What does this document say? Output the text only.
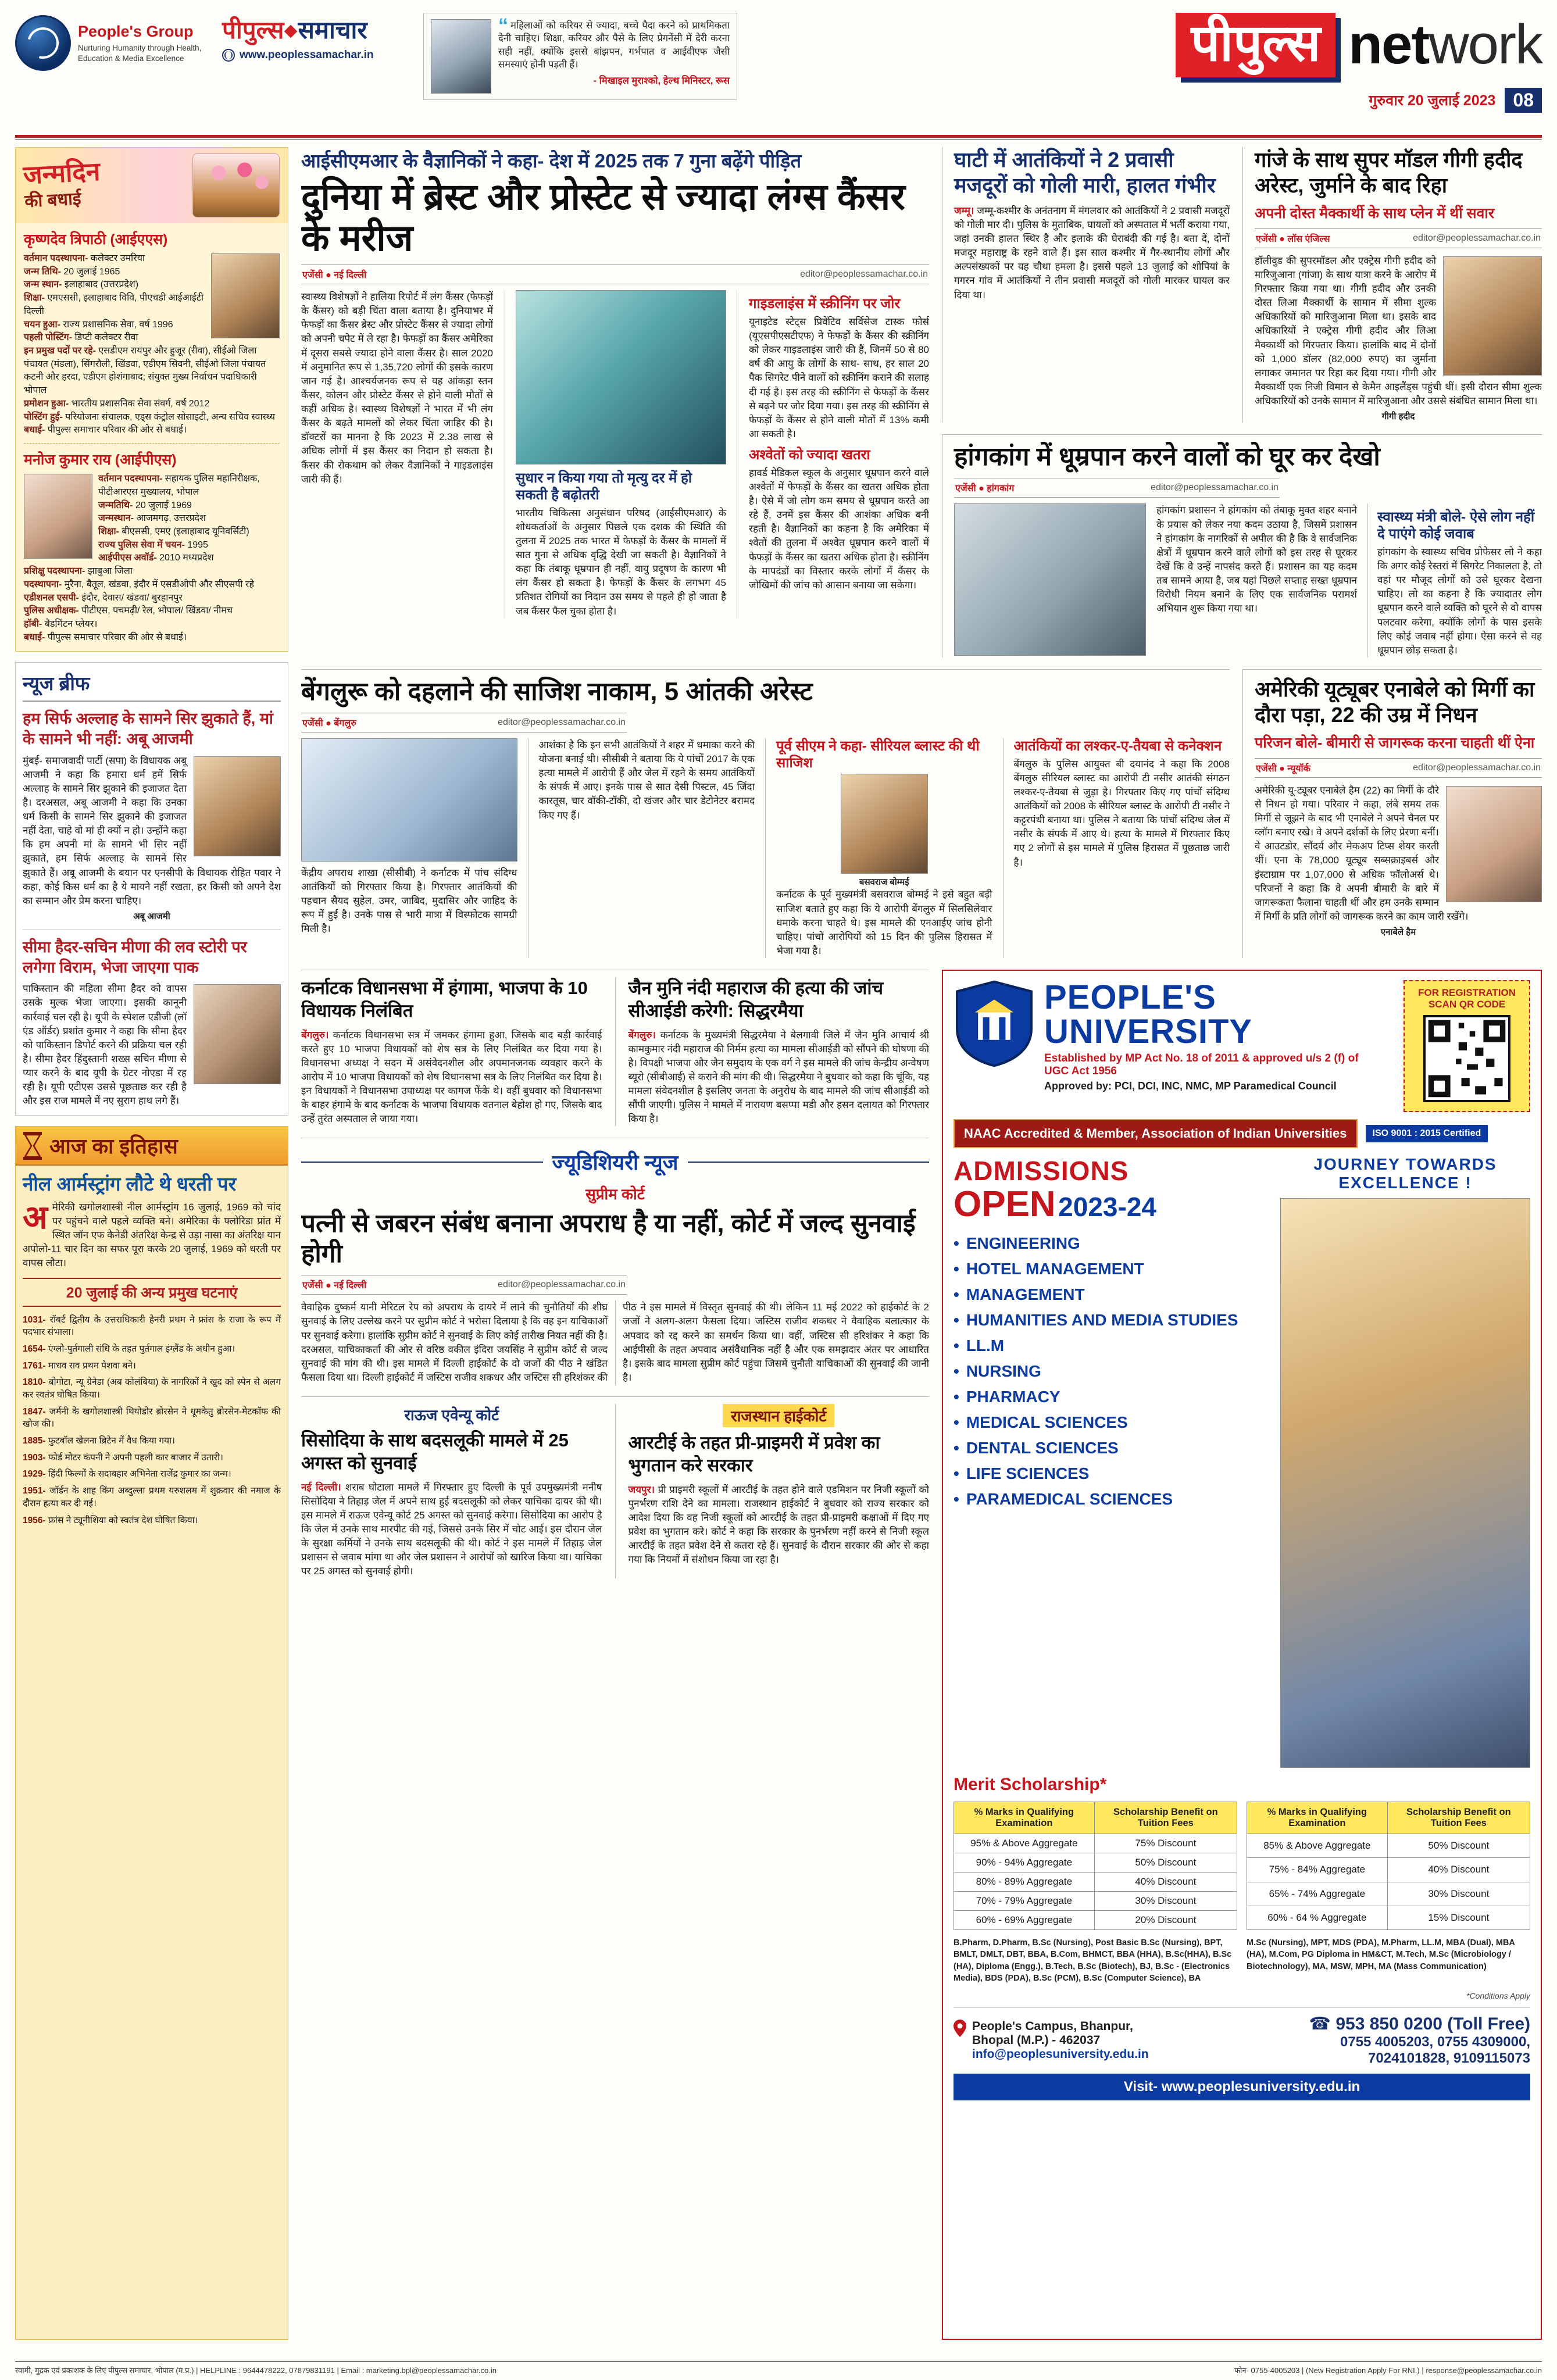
People's Group
Nurturing Humanity through Health, Education & Media Excellence
पीपुल्स समाचार
www.peoplessamachar.in
“ महिलाओं को करियर से ज्यादा, बच्चे पैदा करने को प्राथमिकता देनी चाहिए। शिक्षा, करियर और पैसे के लिए प्रेगनेंसी में देरी करना सही नहीं, क्योंकि इससे बांझपन, गर्भपात व आईवीएफ जैसी समस्याएं होनी पड़ती हैं।
- मिखाइल मुराश्को, हेल्थ मिनिस्टर, रूस
पीपुल्स network
गुरुवार 20 जुलाई 2023 08
जन्मदिन
की बधाई
कृष्णदेव त्रिपाठी (आईएएस)
वर्तमान पदस्थापना- कलेक्टर उमरिया
जन्म तिथि- 20 जुलाई 1965
जन्म स्थान- इलाहाबाद (उत्तरप्रदेश)
शिक्षा- एमएससी, इलाहाबाद विवि, पीएचडी आईआईटी दिल्ली
चयन हुआ- राज्य प्रशासनिक सेवा, वर्ष 1996
पहली पोस्टिंग- डिप्टी कलेक्टर रीवा
इन प्रमुख पदों पर रहे- एसडीएम रायपुर और हुजूर (रीवा), सीईओ जिला पंचायत (मंडला), सिंगरौली, खिंडवा, एडीएम सिवनी, सीईओ जिला पंचायत कटनी और हरदा, एडीएम होशंगाबाद; संयुक्त मुख्य निर्वाचन पदाधिकारी भोपाल
प्रमोशन हुआ- भारतीय प्रशासनिक सेवा संवर्ग, वर्ष 2012
पोस्टिंग हुई- परियोजना संचालक, एड्स कंट्रोल सोसाइटी, अन्य सचिव स्वास्थ्य
बधाई- पीपुल्स समाचार परिवार की ओर से बधाई।
मनोज कुमार राय (आईपीएस)
वर्तमान पदस्थापना- सहायक पुलिस महानिरीक्षक, पीटीआरएस मुख्यालय, भोपाल
जन्मतिथि- 20 जुलाई 1969
जन्मस्थान- आजमगढ़, उत्तरप्रदेश
शिक्षा- बीएससी, एमए (इलाहाबाद यूनिवर्सिटी)
राज्य पुलिस सेवा में चयन- 1995
आईपीएस अवॉर्ड- 2010 मध्यप्रदेश
प्रशिक्षु पदस्थापना- झाबुआ जिला
पदस्थापना- मुरैना, बैतूल, खंडवा, इंदौर में एसडीओपी और सीएसपी रहे
एडीशनल एसपी- इंदौर, देवास/ खंडवा/ बुरहानपुर
पुलिस अधीक्षक- पीटीएस, पचमढ़ी/ रेल, भोपाल/ खिंडवा/ नीमच
हॉबी- बैडमिंटन प्लेयर।
बधाई- पीपुल्स समाचार परिवार की ओर से बधाई।
न्यूज ब्रीफ
हम सिर्फ अल्लाह के सामने सिर झुकाते हैं, मां के सामने भी नहीं: अबू आजमी
मुंबई- समाजवादी पार्टी (सपा) के विधायक अबू आजमी ने कहा कि हमारा धर्म हमें सिर्फ अल्लाह के सामने सिर झुकाने की इजाजत देता है। दरअसल, अबू आजमी ने कहा कि उनका धर्म किसी के सामने सिर झुकाने की इजाजत नहीं देता, चाहे वो मां ही क्यों न हो। उन्होंने कहा कि हम अपनी मां के सामने भी सिर नहीं झुकाते, हम सिर्फ अल्लाह के सामने सिर झुकाते हैं। अबू आजमी के बयान पर एनसीपी के विधायक रोहित पवार ने कहा, कोई किस धर्म का है ये मायने नहीं रखता, हर किसी को अपने देश का सम्मान और प्रेम करना चाहिए।
अबू आजमी
सीमा हैदर-सचिन मीणा की लव स्टोरी पर लगेगा विराम, भेजा जाएगा पाक
पाकिस्तान की महिला सीमा हैदर को वापस उसके मुल्क भेजा जाएगा। इसकी कानूनी कार्रवाई चल रही है। यूपी के स्पेशल एडीजी (लॉ एंड ऑर्डर) प्रशांत कुमार ने कहा कि सीमा हैदर को पाकिस्तान डिपोर्ट करने की प्रक्रिया चल रही है। सीमा हैदर हिंदुस्तानी शख्स सचिन मीणा से प्यार करने के बाद यूपी के ग्रेटर नोएडा में रह रही है। यूपी एटीएस उससे पूछताछ कर रही है और इस राज मामले में नए सुराग हाथ लगे हैं।
आज का इतिहास
नील आर्मस्ट्रांग लौटे थे धरती पर
अमेरिकी खगोलशास्त्री नील आर्मस्ट्रांग 16 जुलाई, 1969 को चांद पर पहुंचने वाले पहले व्यक्ति बने। अमेरिका के फ्लोरिडा प्रांत में स्थित जॉन एफ कैनेडी अंतरिक्ष केन्द्र से उड़ा नासा का अंतरिक्ष यान अपोलो-11 चार दिन का सफर पूरा करके 20 जुलाई, 1969 को धरती पर वापस लौटा।
20 जुलाई की अन्य प्रमुख घटनाएं
1031- रॉबर्ट द्वितीय के उत्तराधिकारी हेनरी प्रथम ने फ्रांस के राजा के रूप में पदभार संभाला।
1654- एंग्लो-पुर्तगाली संधि के तहत पुर्तगाल इंग्लैंड के अधीन हुआ।
1761- माधव राव प्रथम पेशवा बने।
1810- बोगोटा, न्यू ग्रेनेडा (अब कोलंबिया) के नागरिकों ने खुद को स्पेन से अलग कर स्वतंत्र घोषित किया।
1847- जर्मनी के खगोलशास्त्री थियोडोर ब्रोरसेन ने धूमकेतु ब्रोरसेन-मेटकॉफ की खोज की।
1885- फुटबॉल खेलना ब्रिटेन में वैध किया गया।
1903- फोर्ड मोटर कंपनी ने अपनी पहली कार बाजार में उतारी।
1929- हिंदी फिल्मों के सदाबहार अभिनेता राजेंद्र कुमार का जन्म।
1951- जॉर्डन के शाह किंग अब्दुल्ला प्रथम यरुशलम में शुक्रवार की नमाज के दौरान हत्या कर दी गई।
1956- फ्रांस ने ट्यूनीशिया को स्वतंत्र देश घोषित किया।
आईसीएमआर के वैज्ञानिकों ने कहा- देश में 2025 तक 7 गुना बढ़ेंगे पीड़ित
दुनिया में ब्रेस्ट और प्रोस्टेट से ज्यादा लंग्स कैंसर के मरीज
एजेंसी ● नई दिल्ली	editor@peoplessamachar.co.in
स्वास्थ्य विशेषज्ञों ने हालिया रिपोर्ट में लंग कैंसर (फेफड़ों के कैंसर) को बड़ी चिंता वाला बताया है। दुनियाभर में फेफड़ों का कैंसर ब्रेस्ट और प्रोस्टेट कैंसर से ज्यादा लोगों को अपनी चपेट में ले रहा है। फेफड़ों का कैंसर अमेरिका में दूसरा सबसे ज्यादा होने वाला कैंसर है। साल 2020 में अनुमानित रूप से 1,35,720 लोगों की इसके कारण जान गई है। आश्चर्यजनक रूप से यह आंकड़ा स्तन कैंसर, कोलन और प्रोस्टेट कैंसर से होने वाली मौतों से कहीं अधिक है। स्वास्थ्य विशेषज्ञों ने भारत में भी लंग कैंसर के बढ़ते मामलों को लेकर चिंता जाहिर की है। डॉक्टरों का मानना है कि 2023 में 2.38 लाख से अधिक लोगों में इस कैंसर का निदान हो सकता है। कैंसर की रोकथाम को लेकर वैज्ञानिकों ने गाइडलाइंस जारी की हैं।	सुधार न किया गया तो मृत्यु दर में हो सकती है बढ़ोतरी
भारतीय चिकित्सा अनुसंधान परिषद (आईसीएमआर) के शोधकर्ताओं के अनुसार पिछले एक दशक की स्थिति की तुलना में 2025 तक भारत में फेफड़ों के कैंसर के मामलों में सात गुना से अधिक वृद्धि देखी जा सकती है। वैज्ञानिकों ने कहा कि तंबाकू धूम्रपान ही नहीं, वायु प्रदूषण के कारण भी लंग कैंसर हो सकता है। फेफड़ों के कैंसर के लगभग 45 प्रतिशत रोगियों का निदान उस समय से पहले ही हो जाता है जब कैंसर फैल चुका होता है।
गाइडलाइंस में स्क्रीनिंग पर जोर
यूनाइटेड स्टेट्स प्रिवेंटिव सर्विसेज टास्क फोर्स (यूएसपीएसटीएफ) ने फेफड़ों के कैंसर की स्क्रीनिंग को लेकर गाइडलाइंस जारी की हैं, जिनमें 50 से 80 वर्ष की आयु के लोगों के साथ- साथ, हर साल 20 पैक सिगरेट पीने वालों को स्क्रीनिंग कराने की सलाह दी गई है। इस तरह की स्क्रीनिंग से फेफड़ों के कैंसर से बढ़ने पर जोर दिया गया। इस तरह की स्क्रीनिंग से फेफड़ों के कैंसर से होने वाली मौतों में 13% कमी आ सकती है।
अश्वेतों को ज्यादा खतरा
हावर्ड मेडिकल स्कूल के अनुसार धूम्रपान करने वाले अश्वेतों में फेफड़ों के कैंसर का खतरा अधिक होता है। ऐसे में जो लोग कम समय से धूम्रपान करते आ रहे हैं, उनमें इस कैंसर की आशंका अधिक बनी रहती है। वैज्ञानिकों का कहना है कि अमेरिका में श्वेतों की तुलना में अश्वेत धूम्रपान करने वालों में फेफड़ों के कैंसर का खतरा अधिक होता है। स्क्रीनिंग के मापदंडों का विस्तार करके लोगों में कैंसर के जोखिमों की जांच को आसान बनाया जा सकेगा।
घाटी में आतंकियों ने 2 प्रवासी मजदूरों को गोली मारी, हालत गंभीर
जम्मू। जम्मू-कश्मीर के अनंतनाग में मंगलवार को आतंकियों ने 2 प्रवासी मजदूरों को गोली मार दी। पुलिस के मुताबिक, घायलों को अस्पताल में भर्ती कराया गया, जहां उनकी हालत स्थिर है और इलाके की घेराबंदी की गई है। बता दें, दोनों मजदूर महाराष्ट्र के रहने वाले हैं। इस साल कश्मीर में गैर-स्थानीय लोगों और अल्पसंख्यकों पर यह चौथा हमला है। इससे पहले 13 जुलाई को शोपियां के गगरन गांव में आतंकियों ने तीन प्रवासी मजदूरों को गोली मारकर घायल कर दिया था।
गांजे के साथ सुपर मॉडल गीगी हदीद अरेस्ट, जुर्माने के बाद रिहा
अपनी दोस्त मैक्कार्थी के साथ प्लेन में थीं सवार
एजेंसी ● लॉस एंजिल्स	editor@peoplessamachar.co.in
हॉलीवुड की सुपरमॉडल और एक्ट्रेस गीगी हदीद को मारिजुआना (गांजा) के साथ यात्रा करने के आरोप में गिरफ्तार किया गया था। गीगी हदीद और उनकी दोस्त लिआ मैक्कार्थी के सामान में सीमा शुल्क अधिकारियों को मारिजुआना मिला था। इसके बाद अधिकारियों ने एक्ट्रेस गीगी हदीद और लिआ मैक्कार्थी को गिरफ्तार किया। हालांकि बाद में दोनों को 1,000 डॉलर (82,000 रुपए) का जुर्माना लगाकर जमानत पर रिहा कर दिया गया। गीगी और मैक्कार्थी एक निजी विमान से केमैन आइलैंड्स पहुंची थीं। इसी दौरान सीमा शुल्क अधिकारियों को उनके सामान में मारिजुआना और उससे संबंधित सामान मिला था।
गीगी हदीद
हांगकांग में धूम्रपान करने वालों को घूर कर देखो
एजेंसी ● हांगकांग	editor@peoplessamachar.co.in
हांगकांग प्रशासन ने हांगकांग को तंबाकू मुक्त शहर बनाने के प्रयास को लेकर नया कदम उठाया है, जिसमें प्रशासन ने हांगकांग के नागरिकों से अपील की है कि वे सार्वजनिक क्षेत्रों में धूम्रपान करने वाले लोगों को इस तरह से घूरकर देखें कि वे उन्हें नापसंद करते हैं। प्रशासन का यह कदम तब सामने आया है, जब यहां पिछले सप्ताह सख्त धूम्रपान विरोधी नियम बनाने के लिए एक सार्वजनिक परामर्श अभियान शुरू किया गया था।
स्वास्थ्य मंत्री बोले- ऐसे लोग नहीं दे पाएंगे कोई जवाब
हांगकांग के स्वास्थ्य सचिव प्रोफेसर लो ने कहा कि अगर कोई रेस्तरां में सिगरेट निकालता है, तो वहां पर मौजूद लोगों को उसे घूरकर देखना चाहिए। लो का कहना है कि ज्यादातर लोग धूम्रपान करने वाले व्यक्ति को घूरने से वो वापस पलटवार करेगा, क्योंकि लोगों के पास इसके लिए कोई जवाब नहीं होगा। ऐसा करने से वह धूम्रपान छोड़ सकता है।
बेंगलुरू को दहलाने की साजिश नाकाम, 5 आंतकी अरेस्ट
एजेंसी ● बेंगलुरु	editor@peoplessamachar.co.in
केंद्रीय अपराध शाखा (सीसीबी) ने कर्नाटक में पांच संदिग्ध आतंकियों को गिरफ्तार किया है। गिरफ्तार आतंकियों की पहचान सैयद सुहेल, उमर, जाबिद, मुदासिर और जाहिद के रूप में हुई है। उनके पास से भारी मात्रा में विस्फोटक सामग्री मिली है।
आशंका है कि इन सभी आतंकियों ने शहर में धमाका करने की योजना बनाई थी। सीसीबी ने बताया कि ये पांचों 2017 के एक हत्या मामले में आरोपी हैं और जेल में रहने के समय आतंकियों के संपर्क में आए। इनके पास से सात देसी पिस्टल, 45 जिंदा कारतूस, चार वॉकी-टॉकी, दो खंजर और चार डेटोनेटर बरामद किए गए हैं।
पूर्व सीएम ने कहा- सीरियल ब्लास्ट की थी साजिश
बसवराज बोम्मई
कर्नाटक के पूर्व मुख्यमंत्री बसवराज बोम्मई ने इसे बहुत बड़ी साजिश बताते हुए कहा कि ये आरोपी बेंगलुरु में सिलसिलेवार धमाके करना चाहते थे। इस मामले की एनआईए जांच होनी चाहिए। पांचों आरोपियों को 15 दिन की पुलिस हिरासत में भेजा गया है।
आतंकियों का लश्कर-ए-तैयबा से कनेक्शन
बेंगलुरु के पुलिस आयुक्त बी दयानंद ने कहा कि 2008 बेंगलुरु सीरियल ब्लास्ट का आरोपी टी नसीर आतंकी संगठन लश्कर-ए-तैयबा से जुड़ा है। गिरफ्तार किए गए पांचों संदिग्ध आतंकियों को 2008 के सीरियल ब्लास्ट के आरोपी टी नसीर ने कट्टरपंथी बनाया था। पुलिस ने बताया कि पांचों संदिग्ध जेल में नसीर के संपर्क में आए थे। हत्या के मामले में गिरफ्तार किए गए 2 लोगों से इस मामले में पुलिस हिरासत में पूछताछ जारी है।
अमेरिकी यूट्यूबर एनाबेले को मिर्गी का दौरा पड़ा, 22 की उम्र में निधन
परिजन बोले- बीमारी से जागरूक करना चाहती थीं ऐना
एजेंसी ● न्यूयॉर्क	editor@peoplessamachar.co.in
अमेरिकी यू-ट्यूबर एनाबेले हैम (22) का मिर्गी के दौरे से निधन हो गया। परिवार ने कहा, लंबे समय तक मिर्गी से जूझने के बाद भी एनाबेले ने अपने चैनल पर व्लॉग बनाए रखे। वे अपने दर्शकों के लिए प्रेरणा बनीं। वे आउटडोर, सौंदर्य और मेकअप टिप्स शेयर करती थीं। एना के 78,000 यूट्यूब सब्सक्राइबर्स और इंस्टाग्राम पर 1,07,000 से अधिक फॉलोअर्स थे। परिजनों ने कहा कि वे अपनी बीमारी के बारे में जागरूकता फैलाना चाहती थीं और हम उनके सम्मान में मिर्गी के प्रति लोगों को जागरूक करने का काम जारी रखेंगे।
एनाबेले हैम
कर्नाटक विधानसभा में हंगामा, भाजपा के 10 विधायक निलंबित
बेंगलुरु। कर्नाटक विधानसभा सत्र में जमकर हंगामा हुआ, जिसके बाद बड़ी कार्रवाई करते हुए 10 भाजपा विधायकों को शेष सत्र के लिए निलंबित कर दिया गया है। विधानसभा अध्यक्ष ने सदन में असंवेदनशील और अपमानजनक व्यवहार करने के आरोप में 10 भाजपा विधायकों को शेष विधानसभा सत्र के लिए निलंबित कर दिया है। इन विधायकों ने विधानसभा उपाध्यक्ष पर कागज फेंके थे। वहीं बुधवार को विधानसभा के बाहर हंगामे के बाद कर्नाटक के भाजपा विधायक वतनाल बेहोश हो गए, जिसके बाद उन्हें तुरंत अस्पताल ले जाया गया।
जैन मुनि नंदी महाराज की हत्या की जांच सीआईडी करेगी: सिद्धरमैया
बेंगलुरु। कर्नाटक के मुख्यमंत्री सिद्धरमैया ने बेलगावी जिले में जैन मुनि आचार्य श्री कामकुमार नंदी महाराज की निर्मम हत्या का मामला सीआईडी को सौंपने की घोषणा की है। विपक्षी भाजपा और जैन समुदाय के एक वर्ग ने इस मामले की जांच केन्द्रीय अन्वेषण ब्यूरो (सीबीआई) से कराने की मांग की थी। सिद्धरमैया ने बुधवार को कहा कि चूंकि, यह मामला संवेदनशील है इसलिए जनता के अनुरोध के बाद मामले की जांच सीआईडी को सौंपी जाएगी। पुलिस ने मामले में नारायण बसप्पा मडी और हसन दलायत को गिरफ्तार किया है।
ज्यूडिशियरी न्यूज
सुप्रीम कोर्ट
पत्नी से जबरन संबंध बनाना अपराध है या नहीं, कोर्ट में जल्द सुनवाई होगी
एजेंसी ● नई दिल्ली	editor@peoplessamachar.co.in
वैवाहिक दुष्कर्म यानी मेरिटल रेप को अपराध के दायरे में लाने की चुनौतियों की शीघ्र सुनवाई के लिए उल्लेख करने पर सुप्रीम कोर्ट ने भरोसा दिलाया है कि वह इन याचिकाओं पर सुनवाई करेगा। हालांकि सुप्रीम कोर्ट ने सुनवाई के लिए कोई तारीख नियत नहीं की है। दरअसल, याचिकाकर्ता की ओर से वरिष्ठ वकील इंदिरा जयसिंह ने सुप्रीम कोर्ट से जल्द सुनवाई की मांग की थी। इस मामले में दिल्ली हाईकोर्ट के दो जजों की पीठ ने खंडित फैसला दिया था। दिल्ली हाईकोर्ट में जस्टिस राजीव शकधर और जस्टिस सी हरिशंकर की पीठ ने इस मामले में विस्तृत सुनवाई की थी। लेकिन 11 मई 2022 को हाईकोर्ट के 2 जजों ने अलग-अलग फैसला दिया। जस्टिस राजीव शकधर ने वैवाहिक बलात्कार के अपवाद को रद्द करने का समर्थन किया था। वहीं, जस्टिस सी हरिशंकर ने कहा कि आईपीसी के तहत अपवाद असंवैधानिक नहीं है और एक समझदार अंतर पर आधारित है। इसके बाद मामला सुप्रीम कोर्ट पहुंचा जिसमें चुनौती याचिकाओं की सुनवाई की जानी है।
राऊज एवेन्यू कोर्ट
सिसोदिया के साथ बदसलूकी मामले में 25 अगस्त को सुनवाई
नई दिल्ली। शराब घोटाला मामले में गिरफ्तार हुए दिल्ली के पूर्व उपमुख्यमंत्री मनीष सिसोदिया ने तिहाड़ जेल में अपने साथ हुई बदसलूकी को लेकर याचिका दायर की थी। इस मामले में राऊज एवेन्यू कोर्ट 25 अगस्त को सुनवाई करेगा। सिसोदिया का आरोप है कि जेल में उनके साथ मारपीट की गई, जिससे उनके सिर में चोट आई। इस दौरान जेल के सुरक्षा कर्मियों ने उनके साथ बदसलूकी की थी। कोर्ट ने इस मामले में तिहाड़ जेल प्रशासन से जवाब मांगा था और जेल प्रशासन ने आ‍रोपों को खारिज किया था। याचिका पर 25 अगस्त को सुनवाई होगी।
राजस्थान हाईकोर्ट
आरटीई के तहत प्री-प्राइमरी में प्रवेश का भुगतान करे सरकार
जयपुर। प्री प्राइमरी स्कूलों में आरटीई के तहत होने वाले एडमिशन पर निजी स्कूलों को पुनर्भरण राशि देने का मामला। राजस्थान हाईकोर्ट ने बुधवार को राज्य सरकार को आदेश दिया कि वह निजी स्कूलों को आरटीई के तहत प्री-प्राइमरी कक्षाओं में दिए गए प्रवेश का भुगतान करे। कोर्ट ने कहा कि सरकार के पुनर्भरण नहीं करने से निजी स्कूल आरटीई के तहत प्रवेश देने से कतरा रहे हैं। सुनवाई के दौरान सरकार की ओर से कहा गया कि नियमों में संशोधन किया जा रहा है।
PEOPLE'S UNIVERSITY
Established by MP Act No. 18 of 2011 & approved u/s 2 (f) of UGC Act 1956
Approved by: PCI, DCI, INC, NMC, MP Paramedical Council
FOR REGISTRATION SCAN QR CODE
NAAC Accredited & Member, Association of Indian Universities	ISO 9001 : 2015 Certified
ADMISSIONS
OPEN 2023-24
• ENGINEERING
• HOTEL MANAGEMENT
• MANAGEMENT
• HUMANITIES AND MEDIA STUDIES
• LL.M
• NURSING
• PHARMACY
• MEDICAL SCIENCES
• DENTAL SCIENCES
• LIFE SCIENCES
• PARAMEDICAL SCIENCES
JOURNEY TOWARDS EXCELLENCE !
Merit Scholarship*
% Marks in Qualifying Examination	Scholarship Benefit on Tuition Fees
95% & Above Aggregate	75% Discount
90% - 94% Aggregate	50% Discount
80% - 89% Aggregate	40% Discount
70% - 79% Aggregate	30% Discount
60% - 69% Aggregate	20% Discount
% Marks in Qualifying Examination	Scholarship Benefit on Tuition Fees
85% & Above Aggregate	50% Discount
75% - 84% Aggregate	40% Discount
65% - 74% Aggregate	30% Discount
60% - 64 % Aggregate	15% Discount
B.Pharm, D.Pharm, B.Sc (Nursing), Post Basic B.Sc (Nursing), BPT, BMLT, DMLT, DBT, BBA, B.Com, BHMCT, BBA (HHA), B.Sc(HHA), B.Sc (HA), Diploma (Engg.), B.Tech, B.Sc (Biotech), BJ, B.Sc - (Electronics Media), BDS (PDA), B.Sc (PCM), B.Sc (Computer Science), BA
M.Sc (Nursing), MPT, MDS (PDA), M.Pharm, LL.M, MBA (Dual), MBA (HA), M.Com, PG Diploma in HM&CT, M.Tech, M.Sc (Microbiology / Biotechnology), MA, MSW, MPH, MA (Mass Communication)
*Conditions Apply
People's Campus, Bhanpur,
Bhopal (M.P.) - 462037
info@peoplesuniversity.edu.in
☎ 953 850 0200 (Toll Free)
0755 4005203, 0755 4309000,
7024101828, 9109115073
Visit- www.peoplesuniversity.edu.in
स्वामी, मुद्रक एवं प्रकाशक के लिए पीपुल्स समाचार, भोपाल (म.प्र.) | HELPLINE : 9644478222, 07879831191 | Email : marketing.bpl@peoplessamachar.co.in	फोन- 0755-4005203 | (New Registration Apply For RNI.) | response@peoplessamachar.co.in
